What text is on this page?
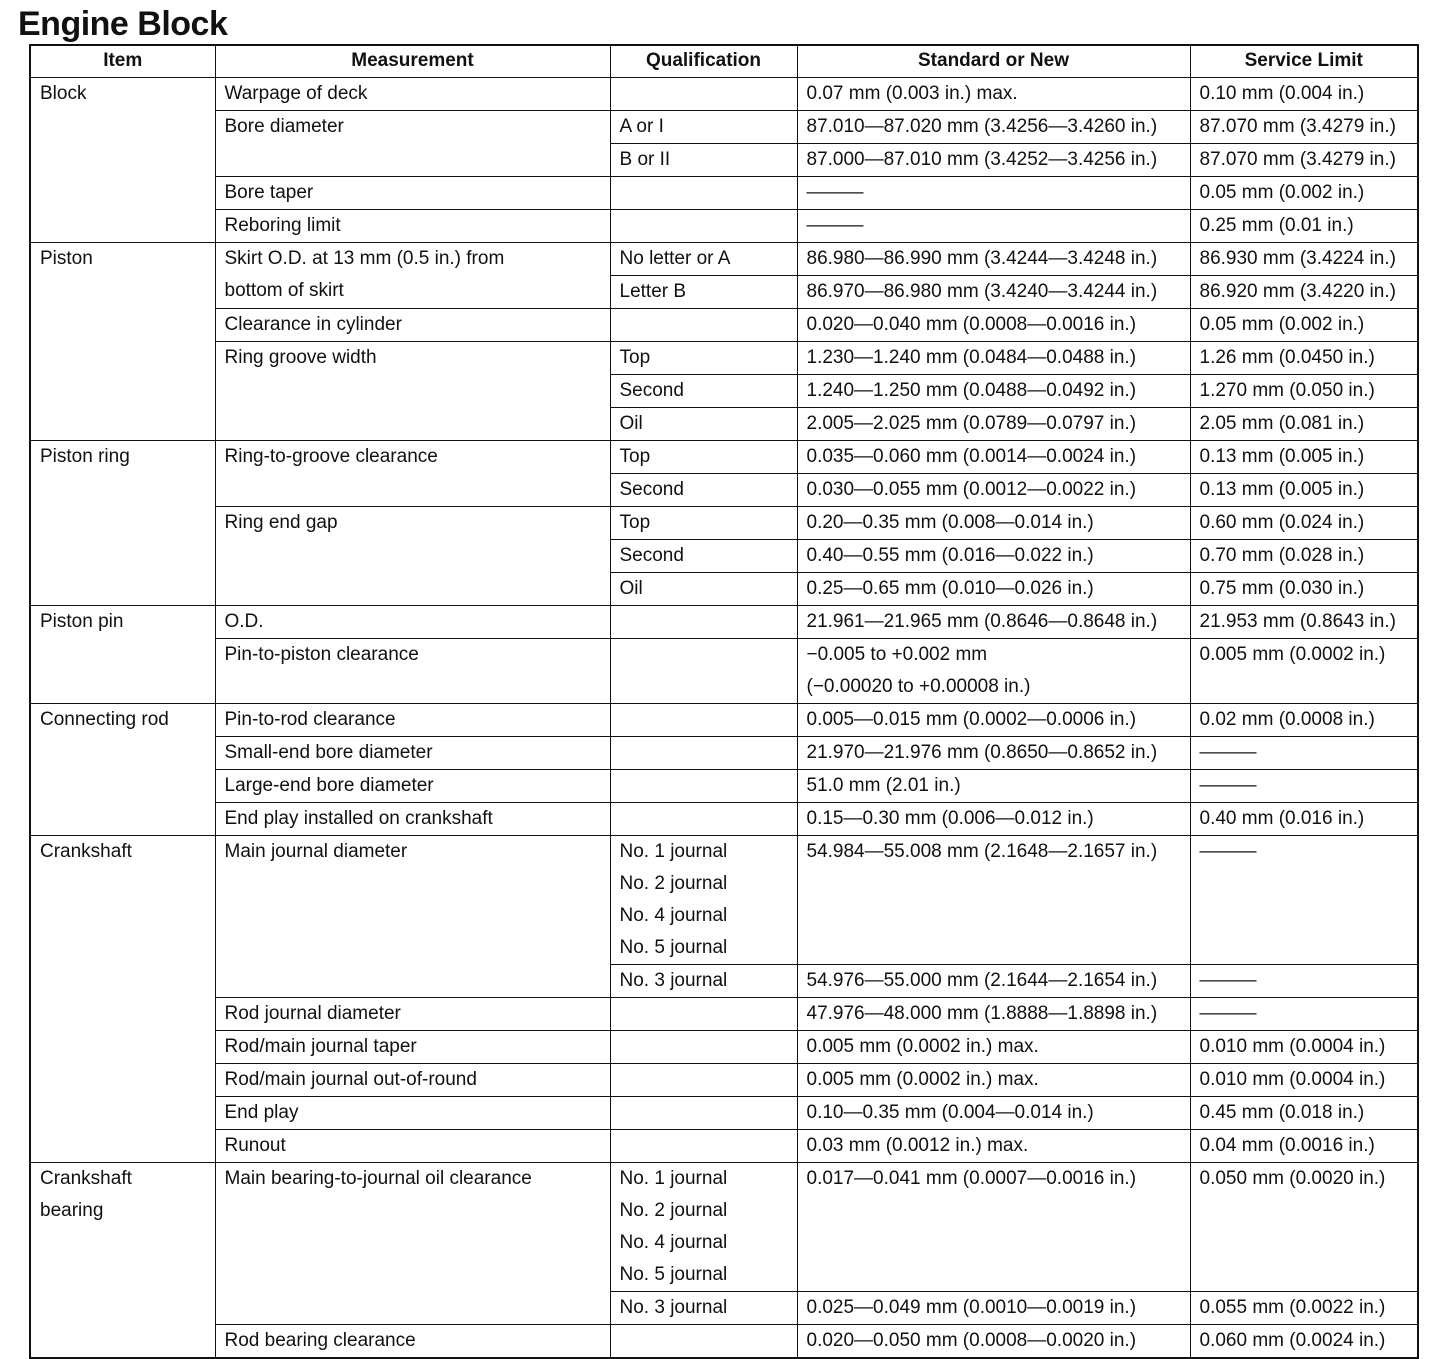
Engine Block
Item	Measurement	Qualification	Standard or New	Service Limit
Block	Warpage of deck		0.07 mm (0.003 in.) max.	0.10 mm (0.004 in.)
	Bore diameter	A or I	87.010—87.020 mm (3.4256—3.4260 in.)	87.070 mm (3.4279 in.)
		B or II	87.000—87.010 mm (3.4252—3.4256 in.)	87.070 mm (3.4279 in.)
	Bore taper		———	0.05 mm (0.002 in.)
	Reboring limit		———	0.25 mm (0.01 in.)
Piston	Skirt O.D. at 13 mm (0.5 in.) from	No letter or A	86.980—86.990 mm (3.4244—3.4248 in.)	86.930 mm (3.4224 in.)
	bottom of skirt	Letter B	86.970—86.980 mm (3.4240—3.4244 in.)	86.920 mm (3.4220 in.)
	Clearance in cylinder		0.020—0.040 mm (0.0008—0.0016 in.)	0.05 mm (0.002 in.)
	Ring groove width	Top	1.230—1.240 mm (0.0484—0.0488 in.)	1.26 mm (0.0450 in.)
		Second	1.240—1.250 mm (0.0488—0.0492 in.)	1.270 mm (0.050 in.)
		Oil	2.005—2.025 mm (0.0789—0.0797 in.)	2.05 mm (0.081 in.)
Piston ring	Ring-to-groove clearance	Top	0.035—0.060 mm (0.0014—0.0024 in.)	0.13 mm (0.005 in.)
		Second	0.030—0.055 mm (0.0012—0.0022 in.)	0.13 mm (0.005 in.)
	Ring end gap	Top	0.20—0.35 mm (0.008—0.014 in.)	0.60 mm (0.024 in.)
		Second	0.40—0.55 mm (0.016—0.022 in.)	0.70 mm (0.028 in.)
		Oil	0.25—0.65 mm (0.010—0.026 in.)	0.75 mm (0.030 in.)
Piston pin	O.D.		21.961—21.965 mm (0.8646—0.8648 in.)	21.953 mm (0.8643 in.)
	Pin-to-piston clearance		−0.005 to +0.002 mm	0.005 mm (0.0002 in.)
			(−0.00020 to +0.00008 in.)	
Connecting rod	Pin-to-rod clearance		0.005—0.015 mm (0.0002—0.0006 in.)	0.02 mm (0.0008 in.)
	Small-end bore diameter		21.970—21.976 mm (0.8650—0.8652 in.)	———
	Large-end bore diameter		51.0 mm (2.01 in.)	———
	End play installed on crankshaft		0.15—0.30 mm (0.006—0.012 in.)	0.40 mm (0.016 in.)
Crankshaft	Main journal diameter	No. 1 journal	54.984—55.008 mm (2.1648—2.1657 in.)	———
		No. 2 journal		
		No. 4 journal		
		No. 5 journal		
		No. 3 journal	54.976—55.000 mm (2.1644—2.1654 in.)	———
	Rod journal diameter		47.976—48.000 mm (1.8888—1.8898 in.)	———
	Rod/main journal taper		0.005 mm (0.0002 in.) max.	0.010 mm (0.0004 in.)
	Rod/main journal out-of-round		0.005 mm (0.0002 in.) max.	0.010 mm (0.0004 in.)
	End play		0.10—0.35 mm (0.004—0.014 in.)	0.45 mm (0.018 in.)
	Runout		0.03 mm (0.0012 in.) max.	0.04 mm (0.0016 in.)
Crankshaft	Main bearing-to-journal oil clearance	No. 1 journal	0.017—0.041 mm (0.0007—0.0016 in.)	0.050 mm (0.0020 in.)
bearing		No. 2 journal		
		No. 4 journal		
		No. 5 journal		
		No. 3 journal	0.025—0.049 mm (0.0010—0.0019 in.)	0.055 mm (0.0022 in.)
	Rod bearing clearance		0.020—0.050 mm (0.0008—0.0020 in.)	0.060 mm (0.0024 in.)
